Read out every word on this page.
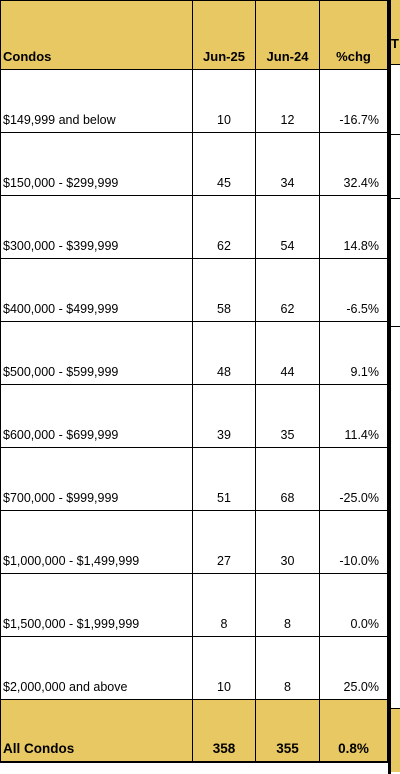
Condos	Jun-25	Jun-24	%chg
$149,999 and below	10	12	-16.7%
$150,000 - $299,999	45	34	32.4%
$300,000 - $399,999	62	54	14.8%
$400,000 - $499,999	58	62	-6.5%
$500,000 - $599,999	48	44	9.1%
$600,000 - $699,999	39	35	11.4%
$700,000 - $999,999	51	68	-25.0%
$1,000,000 - $1,499,999	27	30	-10.0%
$1,500,000 - $1,999,999	8	8	0.0%
$2,000,000 and above	10	8	25.0%
All Condos	358	355	0.8%
T
